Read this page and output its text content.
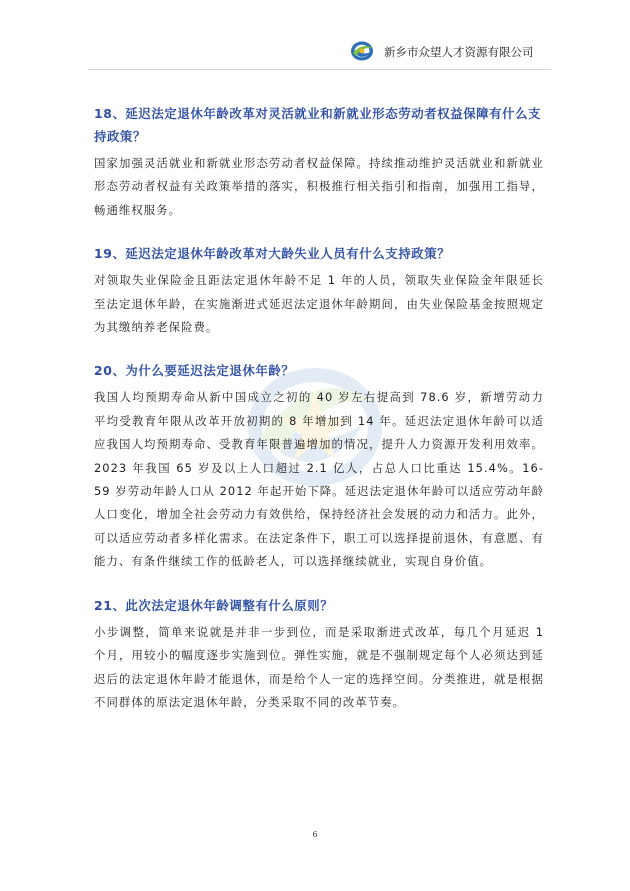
新乡市众望人才资源有限公司

18、延迟法定退休年龄改革对灵活就业和新就业形态劳动者权益保障有什么支持政策？

国家加强灵活就业和新就业形态劳动者权益保障。持续推动维护灵活就业和新就业形态劳动者权益有关政策举措的落实，积极推行相关指引和指南，加强用工指导，畅通维权服务。

19、延迟法定退休年龄改革对大龄失业人员有什么支持政策？

对领取失业保险金且距法定退休年龄不足 1 年的人员，领取失业保险金年限延长至法定退休年龄，在实施渐进式延迟法定退休年龄期间，由失业保险基金按照规定为其缴纳养老保险费。

20、为什么要延迟法定退休年龄？

我国人均预期寿命从新中国成立之初的 40 岁左右提高到 78.6 岁，新增劳动力平均受教育年限从改革开放初期的 8 年增加到 14 年。延迟法定退休年龄可以适应我国人均预期寿命、受教育年限普遍增加的情况，提升人力资源开发利用效率。2023 年我国 65 岁及以上人口超过 2.1 亿人，占总人口比重达 15.4%。16-59 岁劳动年龄人口从 2012 年起开始下降。延迟法定退休年龄可以适应劳动年龄人口变化，增加全社会劳动力有效供给，保持经济社会发展的动力和活力。此外，可以适应劳动者多样化需求。在法定条件下，职工可以选择提前退休，有意愿、有能力、有条件继续工作的低龄老人，可以选择继续就业，实现自身价值。

21、此次法定退休年龄调整有什么原则？

小步调整，简单来说就是并非一步到位，而是采取渐进式改革，每几个月延迟 1 个月，用较小的幅度逐步实施到位。弹性实施，就是不强制规定每个人必须达到延迟后的法定退休年龄才能退休，而是给个人一定的选择空间。分类推进，就是根据不同群体的原法定退休年龄，分类采取不同的改革节奏。

6
